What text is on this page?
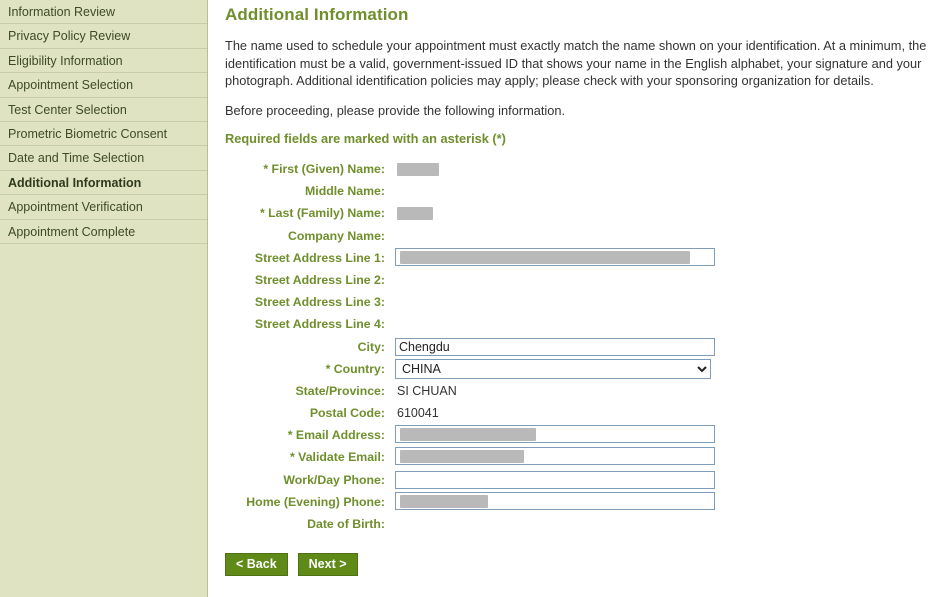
Information Review
Privacy Policy Review
Eligibility Information
Appointment Selection
Test Center Selection
Prometric Biometric Consent
Date and Time Selection
Additional Information
Appointment Verification
Appointment Complete
Additional Information

The name used to schedule your appointment must exactly match the name shown on your identification. At a minimum, the identification must be a valid, government-issued ID that shows your name in the English alphabet, your signature and your photograph. Additional identification policies may apply; please check with your sponsoring organization for details.

Before proceeding, please provide the following information.

Required fields are marked with an asterisk (*)
* First (Given) Name:
Middle Name:
* Last (Family) Name:
Company Name:
Street Address Line 1:
Street Address Line 2:
Street Address Line 3:
Street Address Line 4:
City:
Chengdu
* Country:
CHINA
State/Province: SI CHUAN
Postal Code: 610041
* Email Address:
* Validate Email:
Work/Day Phone:
Home (Evening) Phone:
Date of Birth:
< Back	Next >
